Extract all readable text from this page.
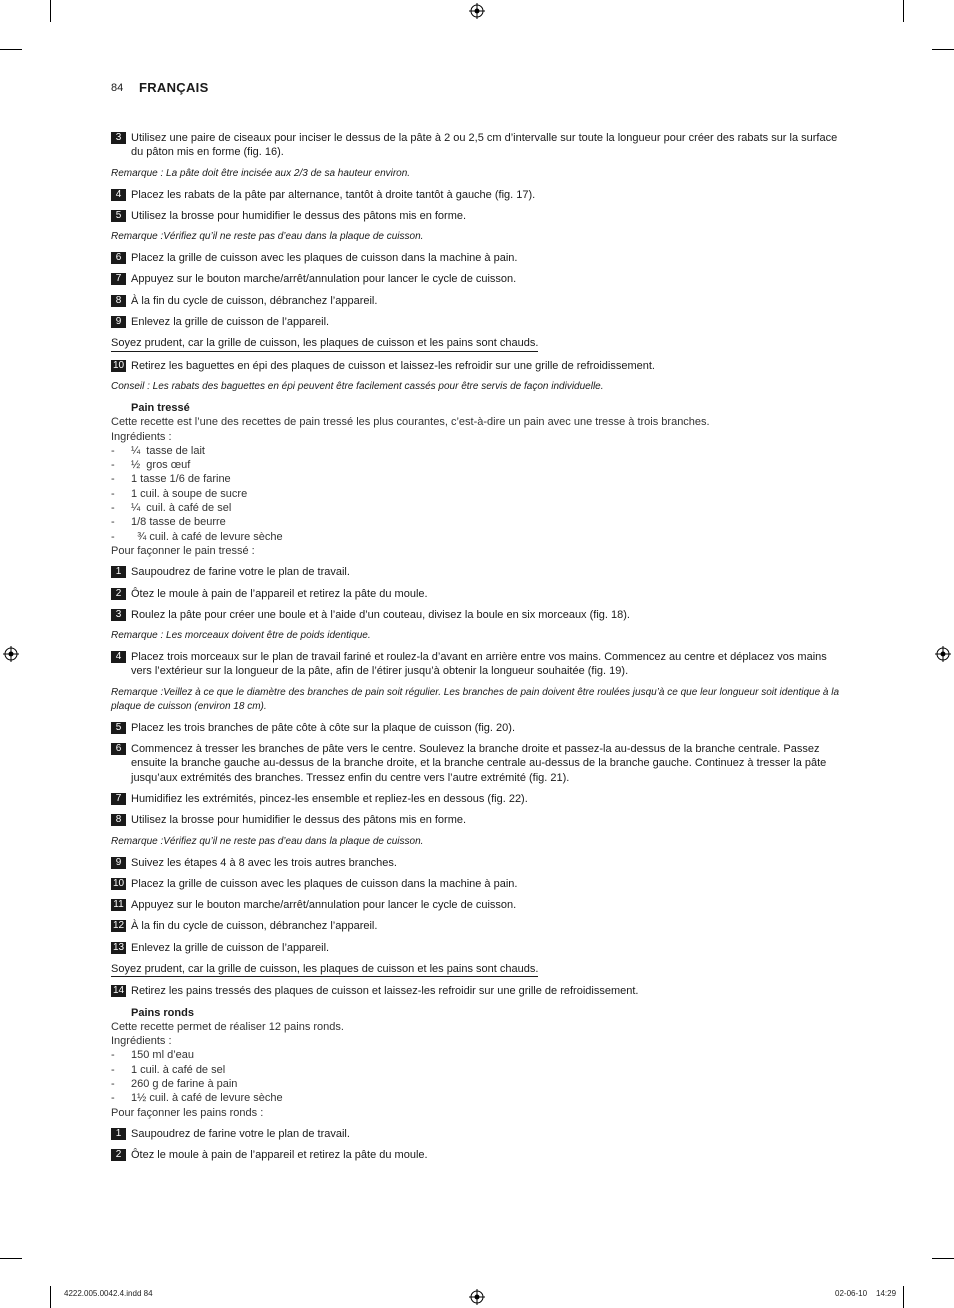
84 FRANÇAIS
3 Utilisez une paire de ciseaux pour inciser le dessus de la pâte à 2 ou 2,5 cm d’intervalle sur toute la longueur pour créer des rabats sur la surface du pâton mis en forme (fig. 16).
Remarque : La pâte doit être incisée aux 2/3 de sa hauteur environ.
4 Placez les rabats de la pâte par alternance, tantôt à droite tantôt à gauche (fig. 17).
5 Utilisez la brosse pour humidifier le dessus des pâtons mis en forme.
Remarque :Vérifiez qu’il ne reste pas d’eau dans la plaque de cuisson.
6 Placez la grille de cuisson avec les plaques de cuisson dans la machine à pain.
7 Appuyez sur le bouton marche/arrêt/annulation pour lancer le cycle de cuisson.
8 À la fin du cycle de cuisson, débranchez l’appareil.
9 Enlevez la grille de cuisson de l’appareil.
Soyez prudent, car la grille de cuisson, les plaques de cuisson et les pains sont chauds.
10 Retirez les baguettes en épi des plaques de cuisson et laissez-les refroidir sur une grille de refroidissement.
Conseil : Les rabats des baguettes en épi peuvent être facilement cassés pour être servis de façon individuelle.
Pain tressé
Cette recette est l’une des recettes de pain tressé les plus courantes, c’est-à-dire un pain avec une tresse à trois branches.
Ingrédients :
-	¼  tasse de lait
-	½  gros œuf
-	1 tasse 1/6 de farine
-	1 cuil. à soupe de sucre
-	¼  cuil. à café de sel
-	1/8 tasse de beurre
-	¾ cuil. à café de levure sèche
Pour façonner le pain tressé :
1 Saupoudrez de farine votre le plan de travail.
2 Ôtez le moule à pain de l’appareil et retirez la pâte du moule.
3 Roulez la pâte pour créer une boule et à l’aide d’un couteau, divisez la boule en six morceaux (fig. 18).
Remarque : Les morceaux doivent être de poids identique.
4 Placez trois morceaux sur le plan de travail fariné et roulez-la d’avant en arrière entre vos mains. Commencez au centre et déplacez vos mains vers l’extérieur sur la longueur de la pâte, afin de l’étirer jusqu’à obtenir la longueur souhaitée (fig. 19).
Remarque :Veillez à ce que le diamètre des branches de pain soit régulier. Les branches de pain doivent être roulées jusqu’à ce que leur longueur soit identique à la plaque de cuisson (environ 18 cm).
5 Placez les trois branches de pâte côte à côte sur la plaque de cuisson (fig. 20).
6 Commencez à tresser les branches de pâte vers le centre. Soulevez la branche droite et passez-la au-dessus de la branche centrale. Passez ensuite la branche gauche au-dessus de la branche droite, et la branche centrale au-dessus de la branche gauche. Continuez à tresser la pâte jusqu’aux extrémités des branches. Tressez enfin du centre vers l’autre extrémité (fig. 21).
7 Humidifiez les extrémités, pincez-les ensemble et repliez-les en dessous (fig. 22).
8 Utilisez la brosse pour humidifier le dessus des pâtons mis en forme.
Remarque :Vérifiez qu’il ne reste pas d’eau dans la plaque de cuisson.
9 Suivez les étapes 4 à 8 avec les trois autres branches.
10 Placez la grille de cuisson avec les plaques de cuisson dans la machine à pain.
11 Appuyez sur le bouton marche/arrêt/annulation pour lancer le cycle de cuisson.
12 À la fin du cycle de cuisson, débranchez l’appareil.
13 Enlevez la grille de cuisson de l’appareil.
Soyez prudent, car la grille de cuisson, les plaques de cuisson et les pains sont chauds.
14 Retirez les pains tressés des plaques de cuisson et laissez-les refroidir sur une grille de refroidissement.
Pains ronds
Cette recette permet de réaliser 12 pains ronds.
Ingrédients :
-	150 ml d’eau
-	1 cuil. à café de sel
-	260 g de farine à pain
-	1½ cuil. à café de levure sèche
Pour façonner les pains ronds :
1 Saupoudrez de farine votre le plan de travail.
2 Ôtez le moule à pain de l’appareil et retirez la pâte du moule.
4222.005.0042.4.indd 84	02-06-10 14:29
